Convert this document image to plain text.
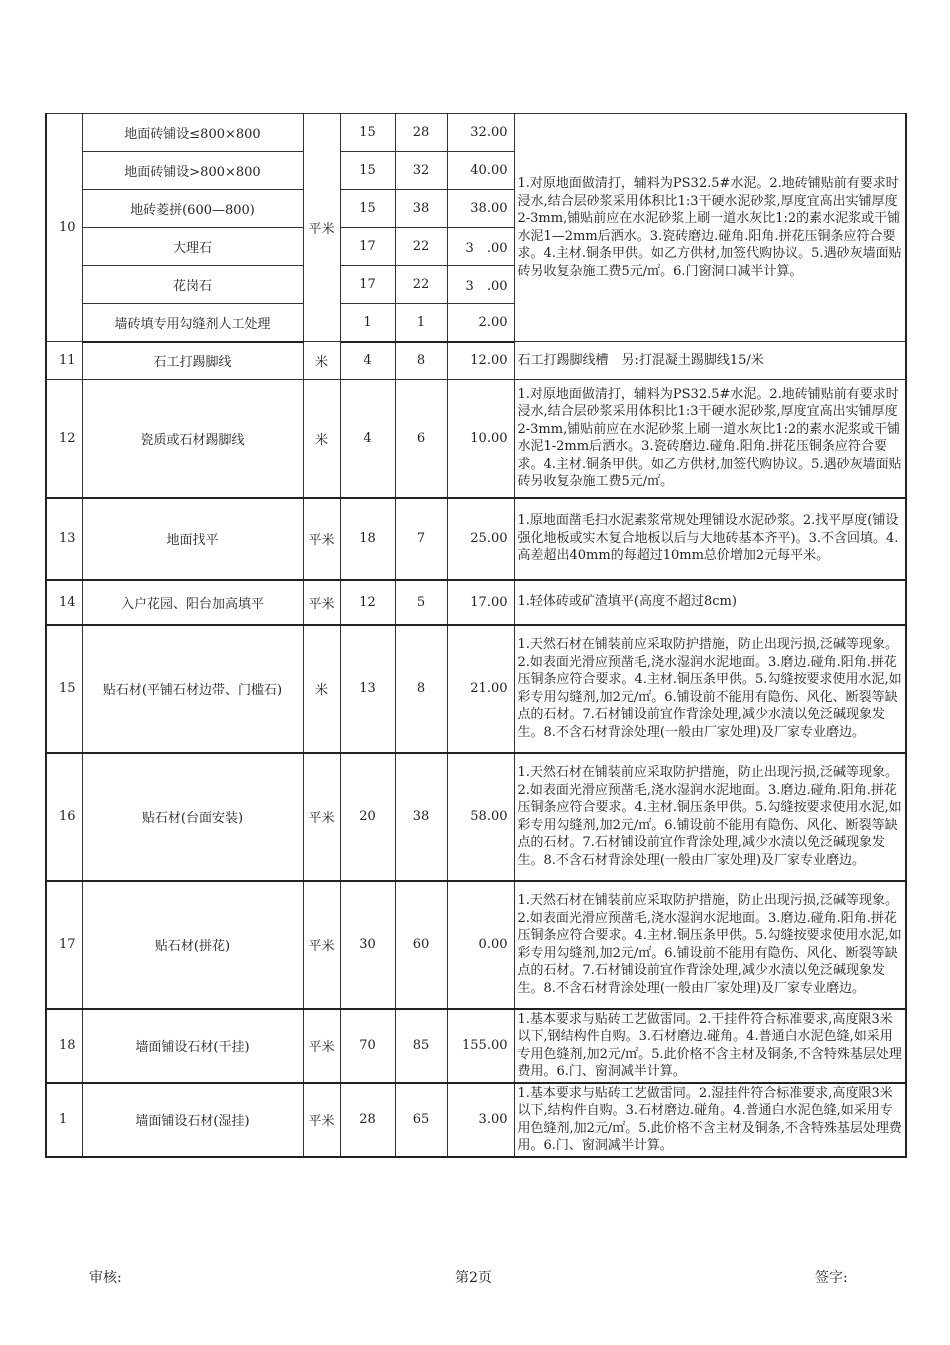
10	地面砖铺设≤800×800	平米	15	28	32.00	1.对原地面做清打，辅料为PS32.5#水泥。2.地砖铺贴前有要求时浸水,结合层砂浆采用体积比1:3干硬水泥砂浆,厚度宜高出实铺厚度2-3mm,铺贴前应在水泥砂浆上刷一道水灰比1:2的素水泥浆或干铺水泥1—2mm后洒水。3.瓷砖磨边.碰角.阳角.拼花压铜条应符合要求。4.主材.铜条甲供。如乙方供材,加签代购协议。5.遇砂灰墙面贴砖另收复杂施工费5元/㎡。6.门窗洞口减半计算。
	地面砖铺设>800×800		15	32	40.00	
	地砖菱拼(600—800)		15	38	38.00	
	大理石		17	22	3　.00	
	花岗石		17	22	3　.00	
	墙砖填专用勾缝剂人工处理		1	1	2.00	
11	石工打踢脚线	米	4	8	12.00	石工打踢脚线槽　另:打混凝土踢脚线15/米
12	瓷质或石材踢脚线	米	4	6	10.00	1.对原地面做清打，辅料为PS32.5#水泥。2.地砖铺贴前有要求时浸水,结合层砂浆采用体积比1:3干硬水泥砂浆,厚度宜高出实铺厚度2-3mm,铺贴前应在水泥砂浆上刷一道水灰比1:2的素水泥浆或干铺水泥1-2mm后洒水。3.瓷砖磨边.碰角.阳角.拼花压铜条应符合要求。4.主材.铜条甲供。如乙方供材,加签代购协议。5.遇砂灰墙面贴砖另收复杂施工费5元/㎡。
13	地面找平	平米	18	7	25.00	1.原地面凿毛扫水泥素浆常规处理铺设水泥砂浆。2.找平厚度(铺设强化地板或实木复合地板以后与大地砖基本齐平)。3.不含回填。4.高差超出40mm的每超过10mm总价增加2元每平米。
14	入户花园、阳台加高填平	平米	12	5	17.00	1.轻体砖或矿渣填平(高度不超过8cm)
15	贴石材(平铺石材边带、门槛石)	米	13	8	21.00	1.天然石材在铺装前应采取防护措施，防止出现污损,泛碱等现象。2.如表面光滑应预凿毛,浇水湿润水泥地面。3.磨边.碰角.阳角.拼花压铜条应符合要求。4.主材.铜压条甲供。5.勾缝按要求使用水泥,如彩专用勾缝剂,加2元/㎡。6.铺设前不能用有隐伤、风化、断裂等缺点的石材。7.石材铺设前宜作背涂处理,减少水渍以免泛碱现象发生。8.不含石材背涂处理(一般由厂家处理)及厂家专业磨边。
16	贴石材(台面安装)	平米	20	38	58.00	1.天然石材在铺装前应采取防护措施，防止出现污损,泛碱等现象。2.如表面光滑应预凿毛,浇水湿润水泥地面。3.磨边.碰角.阳角.拼花压铜条应符合要求。4.主材.铜压条甲供。5.勾缝按要求使用水泥,如彩专用勾缝剂,加2元/㎡。6.铺设前不能用有隐伤、风化、断裂等缺点的石材。7.石材铺设前宜作背涂处理,减少水渍以免泛碱现象发生。8.不含石材背涂处理(一般由厂家处理)及厂家专业磨边。
17	贴石材(拼花)	平米	30	60	0.00	1.天然石材在铺装前应采取防护措施，防止出现污损,泛碱等现象。2.如表面光滑应预凿毛,浇水湿润水泥地面。3.磨边.碰角.阳角.拼花压铜条应符合要求。4.主材.铜压条甲供。5.勾缝按要求使用水泥,如彩专用勾缝剂,加2元/㎡。6.铺设前不能用有隐伤、风化、断裂等缺点的石材。7.石材铺设前宜作背涂处理,减少水渍以免泛碱现象发生。8.不含石材背涂处理(一般由厂家处理)及厂家专业磨边。
18	墙面铺设石材(干挂)	平米	70	85	155.00	1.基本要求与贴砖工艺做雷同。2.干挂件符合标准要求,高度限3米以下,钢结构件自购。3.石材磨边.碰角。4.普通白水泥色缝,如采用专用色缝剂,加2元/㎡。5.此价格不含主材及铜条,不含特殊基层处理费用。6.门、窗洞减半计算。
1	墙面铺设石材(湿挂)	平米	28	65	3.00	1.基本要求与贴砖工艺做雷同。2.湿挂件符合标准要求,高度限3米以下,结构件自购。3.石材磨边.碰角。4.普通白水泥色缝,如采用专用色缝剂,加2元/㎡。5.此价格不含主材及铜条,不含特殊基层处理费用。6.门、窗洞减半计算。
审核:	第2页	签字:
